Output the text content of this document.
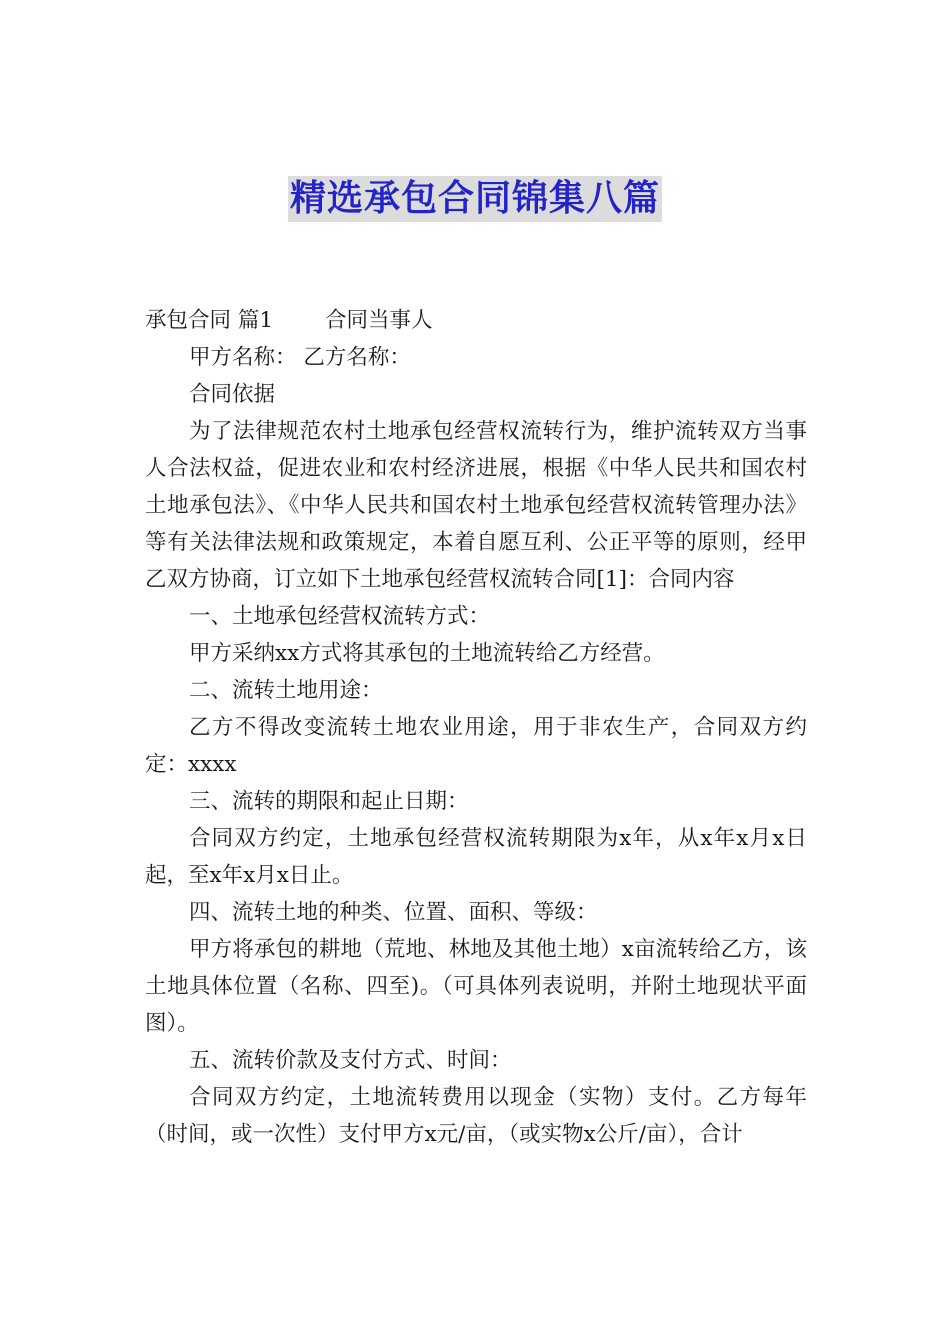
精选承包合同锦集八篇

承包合同 篇1 合同当事人

甲方名称： 乙方名称：

合同依据

为了法律规范农村土地承包经营权流转行为，维护流转双方当事人合法权益，促进农业和农村经济进展，根据《中华人民共和国农村土地承包法》、《中华人民共和国农村土地承包经营权流转管理办法》等有关法律法规和政策规定，本着自愿互利、公正平等的原则，经甲乙双方协商，订立如下土地承包经营权流转合同[1]：合同内容

一、土地承包经营权流转方式：

甲方采纳xx方式将其承包的土地流转给乙方经营。

二、流转土地用途：

乙方不得改变流转土地农业用途，用于非农生产，合同双方约定：xxxx

三、流转的期限和起止日期：

合同双方约定，土地承包经营权流转期限为x年，从x年x月x日起，至x年x月x日止。

四、流转土地的种类、位置、面积、等级：

甲方将承包的耕地（荒地、林地及其他土地）x亩流转给乙方，该土地具体位置（名称、四至)。（可具体列表说明，并附土地现状平面图）。

五、流转价款及支付方式、时间：

合同双方约定，土地流转费用以现金（实物）支付。乙方每年（时间，或一次性）支付甲方x元/亩，（或实物x公斤/亩），合计
